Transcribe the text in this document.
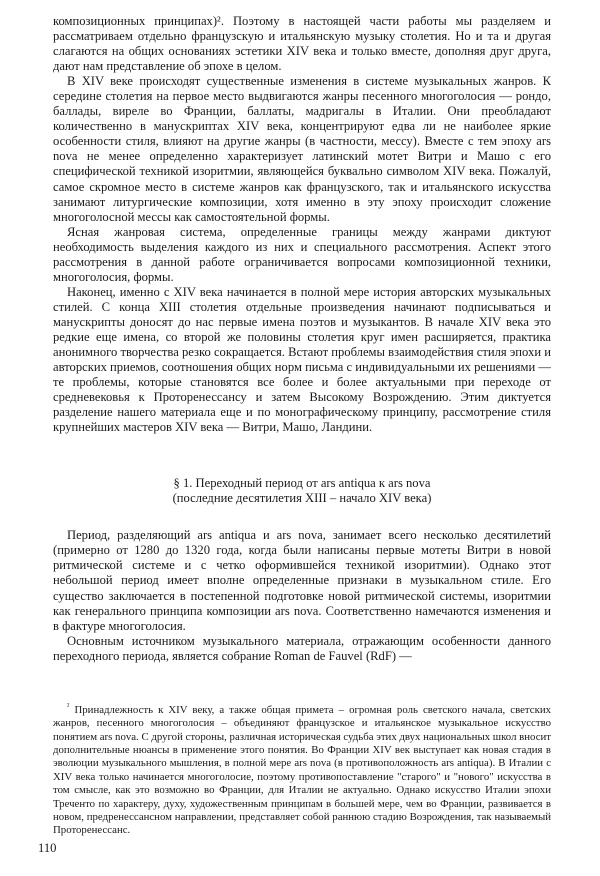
композиционных принципах)². Поэтому в настоящей части работы мы разделяем и рассматриваем отдельно французскую и итальянскую музыку столетия. Но и та и другая слагаются на общих основаниях эстетики XIV века и только вместе, дополняя друг друга, дают нам представление об эпохе в целом.

В XIV веке происходят существенные изменения в системе музыкальных жанров. К середине столетия на первое место выдвигаются жанры песенного многоголосия — рондо, баллады, виреле во Франции, баллаты, мадригалы в Италии. Они преобладают количественно в манускриптах XIV века, концентрируют едва ли не наиболее яркие особенности стиля, влияют на другие жанры (в частности, мессу). Вместе с тем эпоху ars nova не менее определенно характеризует латинский мотет Витри и Машо с его специфической техникой изоритмии, являющейся буквально символом XIV века. Пожалуй, самое скромное место в системе жанров как французского, так и итальянского искусства занимают литургические композиции, хотя именно в эту эпоху происходит сложение многоголосной мессы как самостоятельной формы.

Ясная жанровая система, определенные границы между жанрами диктуют необходимость выделения каждого из них и специального рассмотрения. Аспект этого рассмотрения в данной работе ограничивается вопросами композиционной техники, многоголосия, формы.

Наконец, именно с XIV века начинается в полной мере история авторских музыкальных стилей. С конца XIII столетия отдельные произведения начинают подписываться и манускрипты доносят до нас первые имена поэтов и музыкантов. В начале XIV века это редкие еще имена, со второй же половины столетия круг имен расширяется, практика анонимного творчества резко сокращается. Встают проблемы взаимодействия стиля эпохи и авторских приемов, соотношения общих норм письма с индивидуальными их решениями — те проблемы, которые становятся все более и более актуальными при переходе от средневековья к Проторенессансу и затем Высокому Возрождению. Этим диктуется разделение нашего материала еще и по монографическому принципу, рассмотрение стиля крупнейших мастеров XIV века — Витри, Машо, Ландини.

§ 1. Переходный период от ars antiqua к ars nova

(последние десятилетия XIII – начало XIV века)

Период, разделяющий ars antiqua и ars nova, занимает всего несколько десятилетий (примерно от 1280 до 1320 года, когда были написаны первые мотеты Витри в новой ритмической системе и с четко оформившейся техникой изоритмии). Однако этот небольшой период имеет вполне определенные признаки в музыкальном стиле. Его существо заключается в постепенной подготовке новой ритмической системы, изоритмии как генерального принципа композиции ars nova. Соответственно намечаются изменения и в фактуре многоголосия.

Основным источником музыкального материала, отражающим особенности данного переходного периода, является собрание Roman de Fauvel (RdF) —

$^{^2}$ Принадлежность к XIV веку, а также общая примета – огромная роль светского начала, светских жанров, песенного многоголосия – объединяют французское и итальянское музыкальное искусство понятием ars nova. С другой стороны, различная историческая судьба этих двух национальных школ вносит дополнительные нюансы в применение этого понятия. Во Франции XIV век выступает как новая стадия в эволюции музыкального мышления, в полной мере ars nova (в противоположность ars antiqua). В Италии с XIV века только начинается многоголосие, поэтому противопоставление "старого" и "нового" искусства в том смысле, как это возможно во Франции, для Италии не актуально. Однако искусство Италии эпохи Треченто по характеру, духу, художественным принципам в большей мере, чем во Франции, развивается в новом, предренессансном направлении, представляет собой раннюю стадию Возрождения, так называемый Проторенессанс.

110
